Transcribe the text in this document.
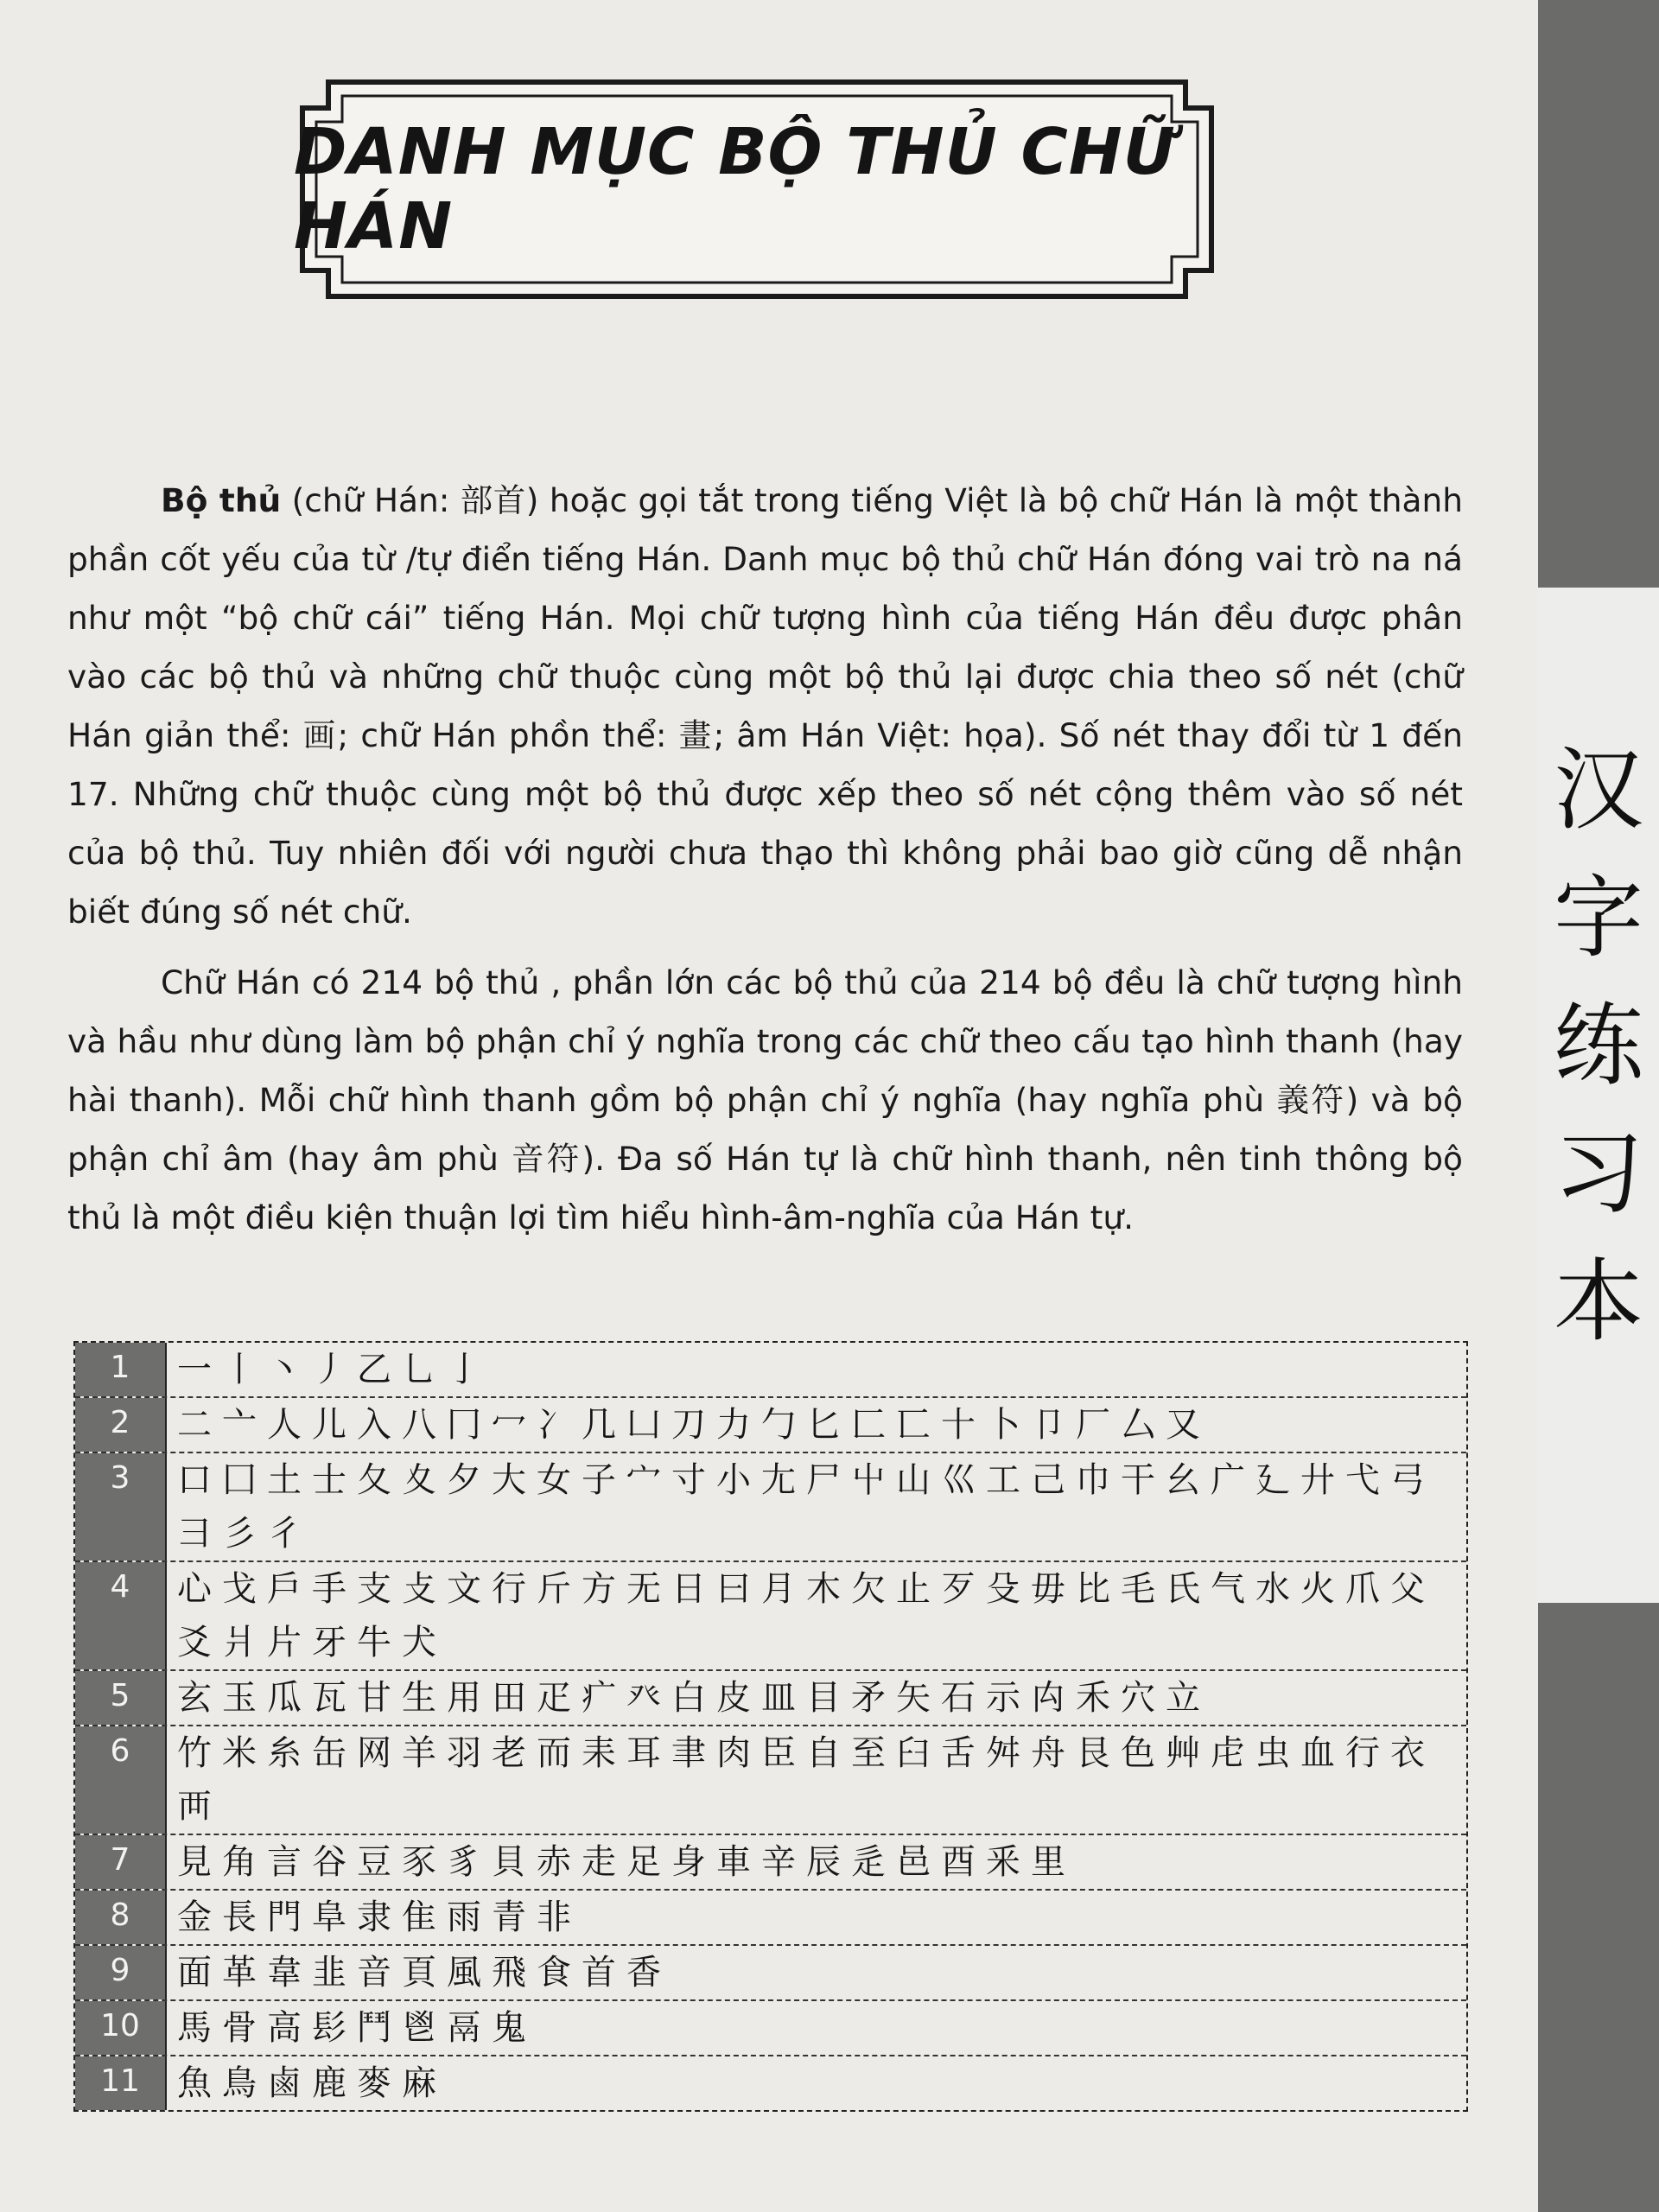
汉
字
练
习
本
DANH MỤC BỘ THỦ CHỮ HÁN

Bộ thủ (chữ Hán: 部首) hoặc gọi tắt trong tiếng Việt là bộ chữ Hán là một thành phần cốt yếu của từ /tự điển tiếng Hán. Danh mục bộ thủ chữ Hán đóng vai trò na ná như một “bộ chữ cái” tiếng Hán. Mọi chữ tượng hình của tiếng Hán đều được phân vào các bộ thủ và những chữ thuộc cùng một bộ thủ lại được chia theo số nét (chữ Hán giản thể: 画; chữ Hán phồn thể: 畫; âm Hán Việt: họa). Số nét thay đổi từ 1 đến 17. Những chữ thuộc cùng một bộ thủ được xếp theo số nét cộng thêm vào số nét của bộ thủ. Tuy nhiên đối với người chưa thạo thì không phải bao giờ cũng dễ nhận biết đúng số nét chữ.

Chữ Hán có 214 bộ thủ , phần lớn các bộ thủ của 214 bộ đều là chữ tượng hình và hầu như dùng làm bộ phận chỉ ý nghĩa trong các chữ theo cấu tạo hình thanh (hay hài thanh). Mỗi chữ hình thanh gồm bộ phận chỉ ý nghĩa (hay nghĩa phù 義符) và bộ phận chỉ âm (hay âm phù 音符). Đa số Hán tự là chữ hình thanh, nên tinh thông bộ thủ là một điều kiện thuận lợi tìm hiểu hình-âm-nghĩa của Hán tự.

1	一丨丶丿乙乚亅
2	二亠人儿入八冂冖冫几凵刀力勹匕匚匸十卜卩厂厶又
3	口囗土士夂夊夕大女子宀寸小尢尸屮山巛工己巾干幺广廴廾弋弓彐彡彳
4	心戈戶手支攴文行斤方无日曰月木欠止歹殳毋比毛氏气水火爪父爻爿片牙牛犬
5	玄玉瓜瓦甘生用田疋疒癶白皮皿目矛矢石示禸禾穴立
6	竹米糸缶网羊羽老而耒耳聿肉臣自至臼舌舛舟艮色艸虍虫血行衣襾
7	見角言谷豆豕豸貝赤走足身車辛辰辵邑酉釆里
8	金長門阜隶隹雨青非
9	面革韋韭音頁風飛食首香
10	馬骨高髟鬥鬯鬲鬼
11	魚鳥鹵鹿麥麻
